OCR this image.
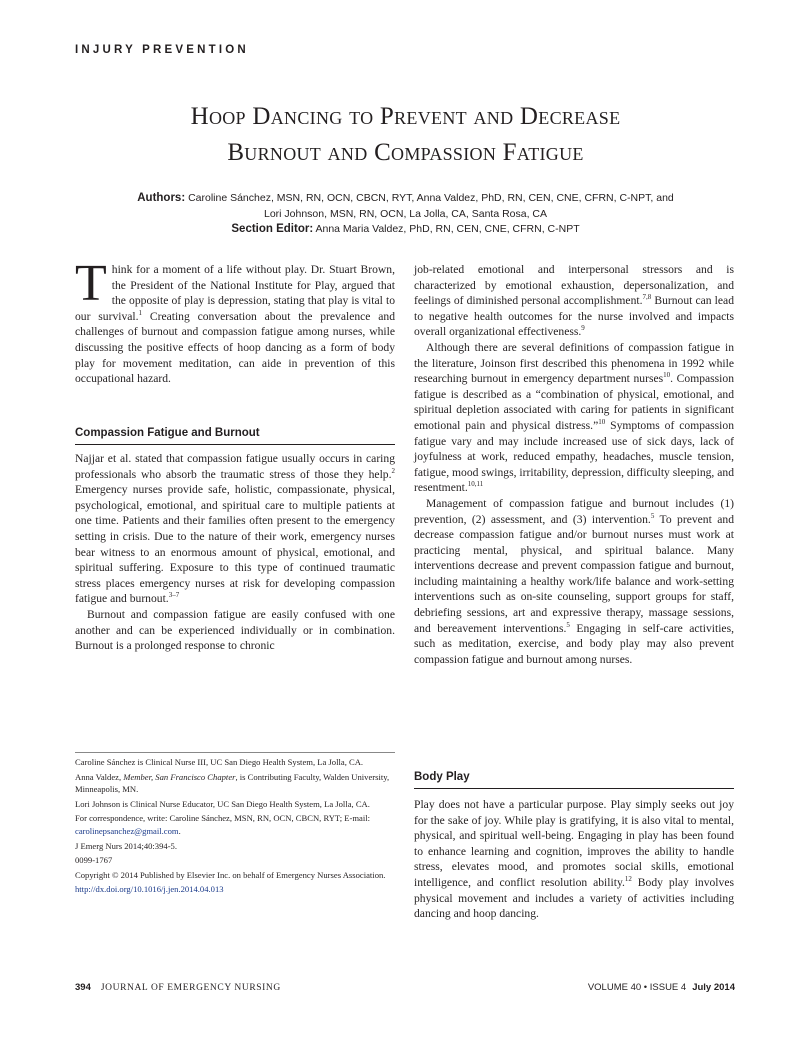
INJURY PREVENTION
Hoop Dancing to Prevent and Decrease
Burnout and Compassion Fatigue
Authors: Caroline Sánchez, MSN, RN, OCN, CBCN, RYT, Anna Valdez, PhD, RN, CEN, CNE, CFRN, C-NPT, and
Lori Johnson, MSN, RN, OCN, La Jolla, CA, Santa Rosa, CA
Section Editor: Anna Maria Valdez, PhD, RN, CEN, CNE, CFRN, C-NPT

Think for a moment of a life without play. Dr. Stuart Brown, the President of the National Institute for Play, argued that the opposite of play is depression, stating that play is vital to our survival.$^1$ Creating conversation about the prevalence and challenges of burnout and compassion fatigue among nurses, while discussing the positive effects of hoop dancing as a form of body play for movement meditation, can aide in prevention of this occupational hazard.

Compassion Fatigue and Burnout

Najjar et al. stated that compassion fatigue usually occurs in caring professionals who absorb the traumatic stress of those they help.$^2$ Emergency nurses provide safe, holistic, compassionate, physical, psychological, emotional, and spiritual care to multiple patients at one time. Patients and their families often present to the emergency setting in crisis. Due to the nature of their work, emergency nurses bear witness to an enormous amount of physical, emotional, and spiritual suffering. Exposure to this type of continued traumatic stress places emergency nurses at risk for developing compassion fatigue and burnout.$^{3-7}$

Burnout and compassion fatigue are easily confused with one another and can be experienced individually or in combination. Burnout is a prolonged response to chronic

Caroline Sánchez is Clinical Nurse III, UC San Diego Health System, La Jolla, CA.

Anna Valdez, Member, San Francisco Chapter, is Contributing Faculty, Walden University, Minneapolis, MN.

Lori Johnson is Clinical Nurse Educator, UC San Diego Health System, La Jolla, CA.

For correspondence, write: Caroline Sánchez, MSN, RN, OCN, CBCN, RYT; E-mail: carolinepsanchez@gmail.com.

J Emerg Nurs 2014;40:394-5.

0099-1767

Copyright © 2014 Published by Elsevier Inc. on behalf of Emergency Nurses Association.

http://dx.doi.org/10.1016/j.jen.2014.04.013

job-related emotional and interpersonal stressors and is characterized by emotional exhaustion, depersonalization, and feelings of diminished personal accomplishment.$^{7,8}$ Burnout can lead to negative health outcomes for the nurse involved and impacts overall organizational effectiveness.$^9$

Although there are several definitions of compassion fatigue in the literature, Joinson first described this phenomena in 1992 while researching burnout in emergency department nurses$^{10}$. Compassion fatigue is described as a “combination of physical, emotional, and spiritual depletion associated with caring for patients in significant emotional pain and physical distress.”$^{10}$ Symptoms of compassion fatigue vary and may include increased use of sick days, lack of joyfulness at work, reduced empathy, headaches, muscle tension, fatigue, mood swings, irritability, depression, difficulty sleeping, and resentment.$^{10,11}$

Management of compassion fatigue and burnout includes (1) prevention, (2) assessment, and (3) intervention.$^5$ To prevent and decrease compassion fatigue and/or burnout nurses must work at practicing mental, physical, and spiritual balance. Many interventions decrease and prevent compassion fatigue and burnout, including maintaining a healthy work/life balance and work-setting interventions such as on-site counseling, support groups for staff, debriefing sessions, art and expressive therapy, massage sessions, and bereavement interventions.$^5$ Engaging in self-care activities, such as meditation, exercise, and body play may also prevent compassion fatigue and burnout among nurses.

Body Play

Play does not have a particular purpose. Play simply seeks out joy for the sake of joy. While play is gratifying, it is also vital to mental, physical, and spiritual well-being. Engaging in play has been found to enhance learning and cognition, improves the ability to handle stress, elevates mood, and promotes social skills, emotional intelligence, and conflict resolution ability.$^{12}$ Body play involves physical movement and includes a variety of activities including dancing and hoop dancing.

394 JOURNAL OF EMERGENCY NURSING	VOLUME 40 • ISSUE 4 July 2014
